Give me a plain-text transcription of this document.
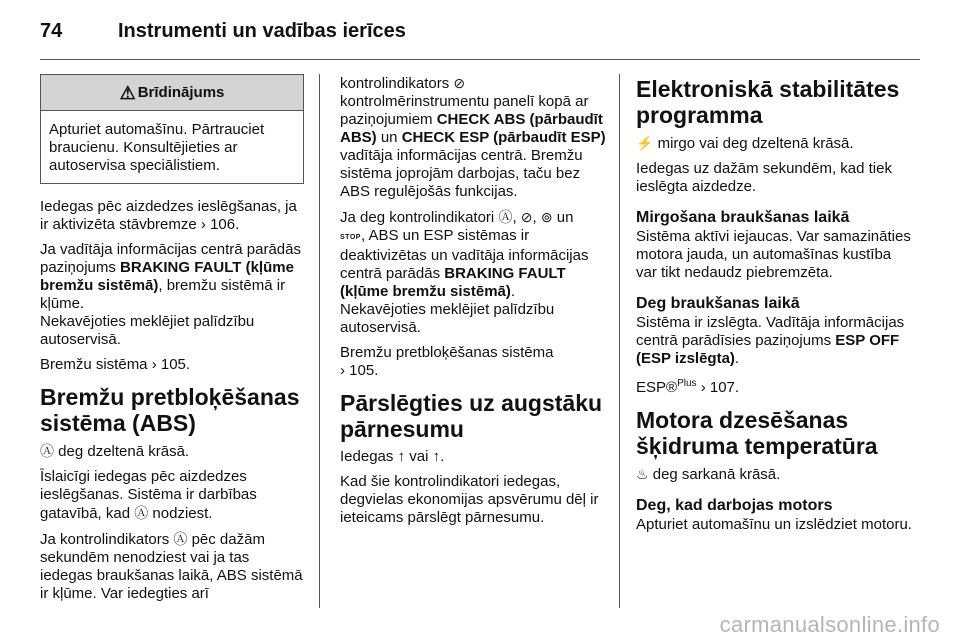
74	Instrumenti un vadības ierīces
⚠ Brīdinājums
Apturiet automašīnu. Pārtrauciet braucienu. Konsultējieties ar autoservisa speciālistiem.

Iedegas pēc aizdedzes ieslēgšanas, ja ir aktivizēta stāvbremze › 106.

Ja vadītāja informācijas centrā parādās paziņojums BRAKING FAULT (kļūme bremžu sistēmā), bremžu sistēmā ir kļūme.
Nekavējoties meklējiet palīdzību autoservisā.

Bremžu sistēma › 105.

Bremžu pretbloķēšanas sistēma (ABS)

Ⓐ deg dzeltenā krāsā.

Īslaicīgi iedegas pēc aizdedzes ieslēgšanas. Sistēma ir darbības gatavībā, kad Ⓐ nodziest.

Ja kontrolindikators Ⓐ pēc dažām sekundēm nenodziest vai ja tas iedegas braukšanas laikā, ABS sistēmā ir kļūme. Var iedegties arī

kontrolindikators ⊘
kontrolmērinstrumentu panelī kopā ar paziņojumiem CHECK ABS (pārbaudīt ABS) un CHECK ESP (pārbaudīt ESP) vadītāja informācijas centrā. Bremžu sistēma joprojām darbojas, taču bez ABS regulējošās funkcijas.

Ja deg kontrolindikatori Ⓐ, ⊘, ⊚ un
STOP, ABS un ESP sistēmas ir deaktivizētas un vadītāja informācijas centrā parādās BRAKING FAULT (kļūme bremžu sistēmā).
Nekavējoties meklējiet palīdzību autoservisā.

Bremžu pretbloķēšanas sistēma
› 105.

Pārslēgties uz augstāku pārnesumu

Iedegas ↑ vai ↑.

Kad šie kontrolindikatori iedegas, degvielas ekonomijas apsvērumu dēļ ir ieteicams pārslēgt pārnesumu.

Elektroniskā stabilitātes programma

⚡ mirgo vai deg dzeltenā krāsā.

Iedegas uz dažām sekundēm, kad tiek ieslēgta aizdedze.

Mirgošana braukšanas laikā

Sistēma aktīvi iejaucas. Var samazināties motora jauda, un automašīnas kustība var tikt nedaudz piebremzēta.

Deg braukšanas laikā

Sistēma ir izslēgta. Vadītāja informācijas centrā parādīsies paziņojums ESP OFF (ESP izslēgta).

ESP®$^{Plus}$ › 107.

Motora dzesēšanas šķidruma temperatūra

♨ deg sarkanā krāsā.

Deg, kad darbojas motors

Apturiet automašīnu un izslēdziet motoru.

carmanualsonline.info
